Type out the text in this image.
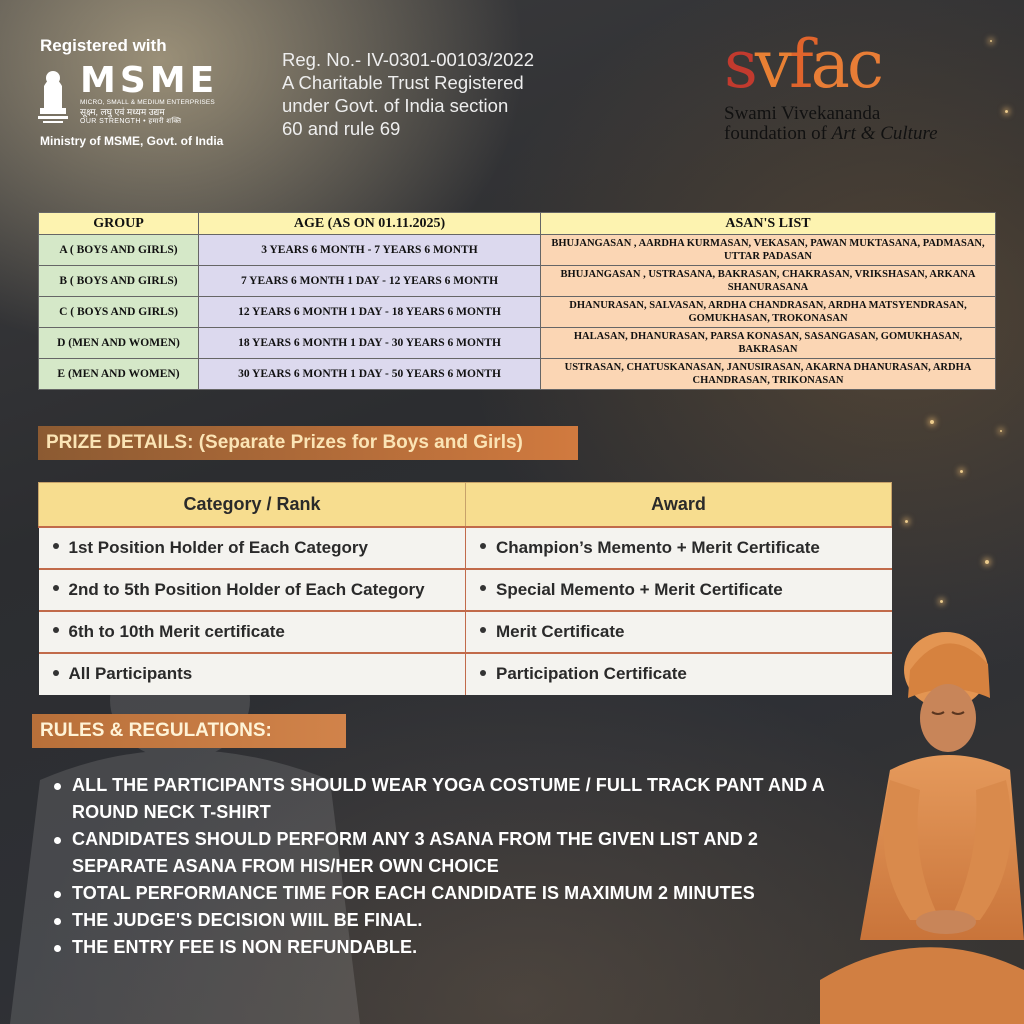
Registered with
MSME
MICRO, SMALL & MEDIUM ENTERPRISES
सूक्ष्म, लघु एवं मध्यम उद्यम
OUR STRENGTH • हमारी शक्ति
Ministry of MSME, Govt. of India
Reg. No.- IV-0301-00103/2022
A Charitable Trust Registered
under Govt. of India section
60 and rule 69
svfac
Swami Vivekananda
foundation of Art & Culture
GROUP	AGE (AS ON 01.11.2025)	ASAN'S LIST
A ( BOYS AND GIRLS)	3 YEARS 6 MONTH - 7 YEARS 6 MONTH	BHUJANGASAN , AARDHA KURMASAN, VEKASAN, PAWAN MUKTASANA, PADMASAN, UTTAR PADASAN
B ( BOYS AND GIRLS)	7 YEARS 6 MONTH 1 DAY - 12 YEARS 6 MONTH	BHUJANGASAN , USTRASANA, BAKRASAN, CHAKRASAN, VRIKSHASAN, ARKANA SHANURASANA
C ( BOYS AND GIRLS)	12 YEARS 6 MONTH 1 DAY - 18 YEARS 6 MONTH	DHANURASAN, SALVASAN, ARDHA CHANDRASAN, ARDHA MATSYENDRASAN, GOMUKHASAN, TROKONASAN
D (MEN AND WOMEN)	18 YEARS 6 MONTH 1 DAY - 30 YEARS 6 MONTH	HALASAN, DHANURASAN, PARSA KONASAN, SASANGASAN, GOMUKHASAN, BAKRASAN
E (MEN AND WOMEN)	30 YEARS 6 MONTH 1 DAY - 50 YEARS 6 MONTH	USTRASAN, CHATUSKANASAN, JANUSIRASAN, AKARNA DHANURASAN, ARDHA CHANDRASAN, TRIKONASAN
PRIZE DETAILS: (Separate Prizes for Boys and Girls)
Category / Rank	Award
1st Position Holder of Each Category	Champion’s Memento + Merit Certificate
2nd to 5th Position Holder of Each Category	Special Memento + Merit Certificate
6th to 10th Merit certificate	Merit Certificate
All Participants	Participation Certificate
RULES & REGULATIONS:
ALL THE PARTICIPANTS SHOULD WEAR YOGA COSTUME / FULL TRACK PANT AND A ROUND NECK T-SHIRT
CANDIDATES SHOULD PERFORM ANY 3 ASANA FROM THE GIVEN LIST AND 2 SEPARATE ASANA FROM HIS/HER OWN CHOICE
TOTAL PERFORMANCE TIME FOR EACH CANDIDATE IS MAXIMUM 2 MINUTES
THE JUDGE'S DECISION WIIL BE FINAL.
THE ENTRY FEE IS NON REFUNDABLE.
